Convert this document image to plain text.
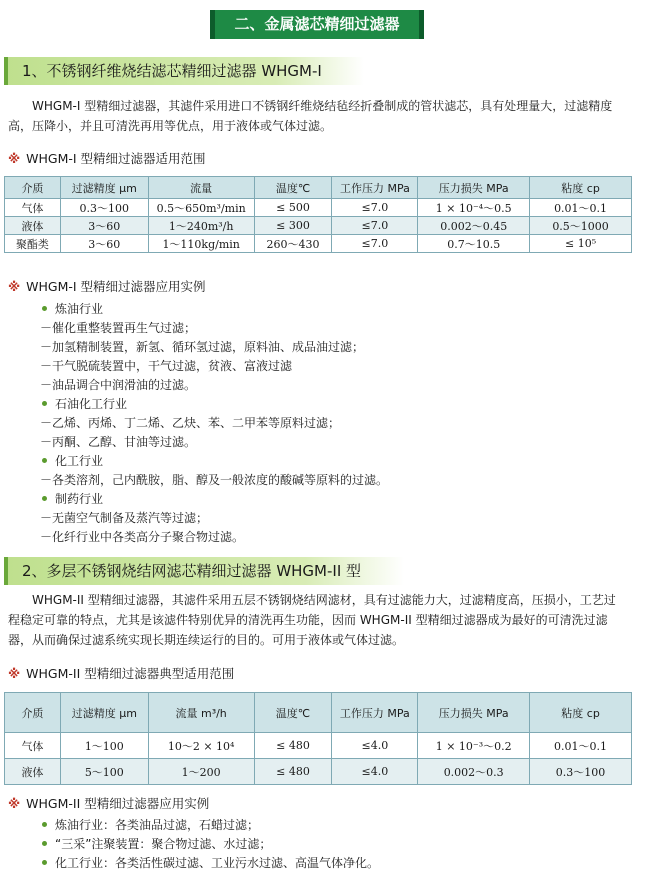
二、金属滤芯精细过滤器
1、不锈钢纤维烧结滤芯精细过滤器 WHGM-I
WHGM-I 型精细过滤器，其滤件采用进口不锈钢纤维烧结毡经折叠制成的管状滤芯，具有处理量大，过滤精度
高，压降小，并且可清洗再用等优点，用于液体或气体过滤。
※ WHGM-I 型精细过滤器适用范围
介质	过滤精度 μm	流量	温度℃	工作压力 MPa	压力损失 MPa	粘度 cp
气体	0.3～100	0.5～650m³/min	≤ 500	≤7.0	1 × 10⁻⁴～0.5	0.01～0.1
液体	3～60	1～240m³/h	≤ 300	≤7.0	0.002～0.45	0.5～1000
聚酯类	3～60	1～110kg/min	260～430	≤7.0	0.7～10.5	≤ 10⁵
※ WHGM-I 型精细过滤器应用实例
炼油行业
－催化重整装置再生气过滤；
－加氢精制装置，新氢、循环氢过滤，原料油、成品油过滤；
－干气脱硫装置中，干气过滤，贫液、富液过滤
－油品调合中润滑油的过滤。
石油化工行业
－乙烯、丙烯、丁二烯、乙炔、苯、二甲苯等原料过滤；
－丙酮、乙醇、甘油等过滤。
化工行业
－各类溶剂，己内酰胺，脂、醇及一般浓度的酸碱等原料的过滤。
制药行业
－无菌空气制备及蒸汽等过滤；
－化纤行业中各类高分子聚合物过滤。
2、多层不锈钢烧结网滤芯精细过滤器 WHGM-II 型
WHGM-II 型精细过滤器，其滤件采用五层不锈钢烧结网滤材，具有过滤能力大，过滤精度高，压损小，工艺过
程稳定可靠的特点，尤其是该滤件特别优异的清洗再生功能，因而 WHGM-II 型精细过滤器成为最好的可清洗过滤
器，从而确保过滤系统实现长期连续运行的目的。可用于液体或气体过滤。
※ WHGM-II 型精细过滤器典型适用范围
介质	过滤精度 μm	流量 m³/h	温度℃	工作压力 MPa	压力损失 MPa	粘度 cp
气体	1～100	10～2 × 10⁴	≤ 480	≤4.0	1 × 10⁻³～0.2	0.01～0.1
液体	5～100	1～200	≤ 480	≤4.0	0.002～0.3	0.3～100
※ WHGM-II 型精细过滤器应用实例
炼油行业：各类油品过滤，石蜡过滤；
“三采”注聚装置：聚合物过滤、水过滤；
化工行业：各类活性碳过滤、工业污水过滤、高温气体净化。
